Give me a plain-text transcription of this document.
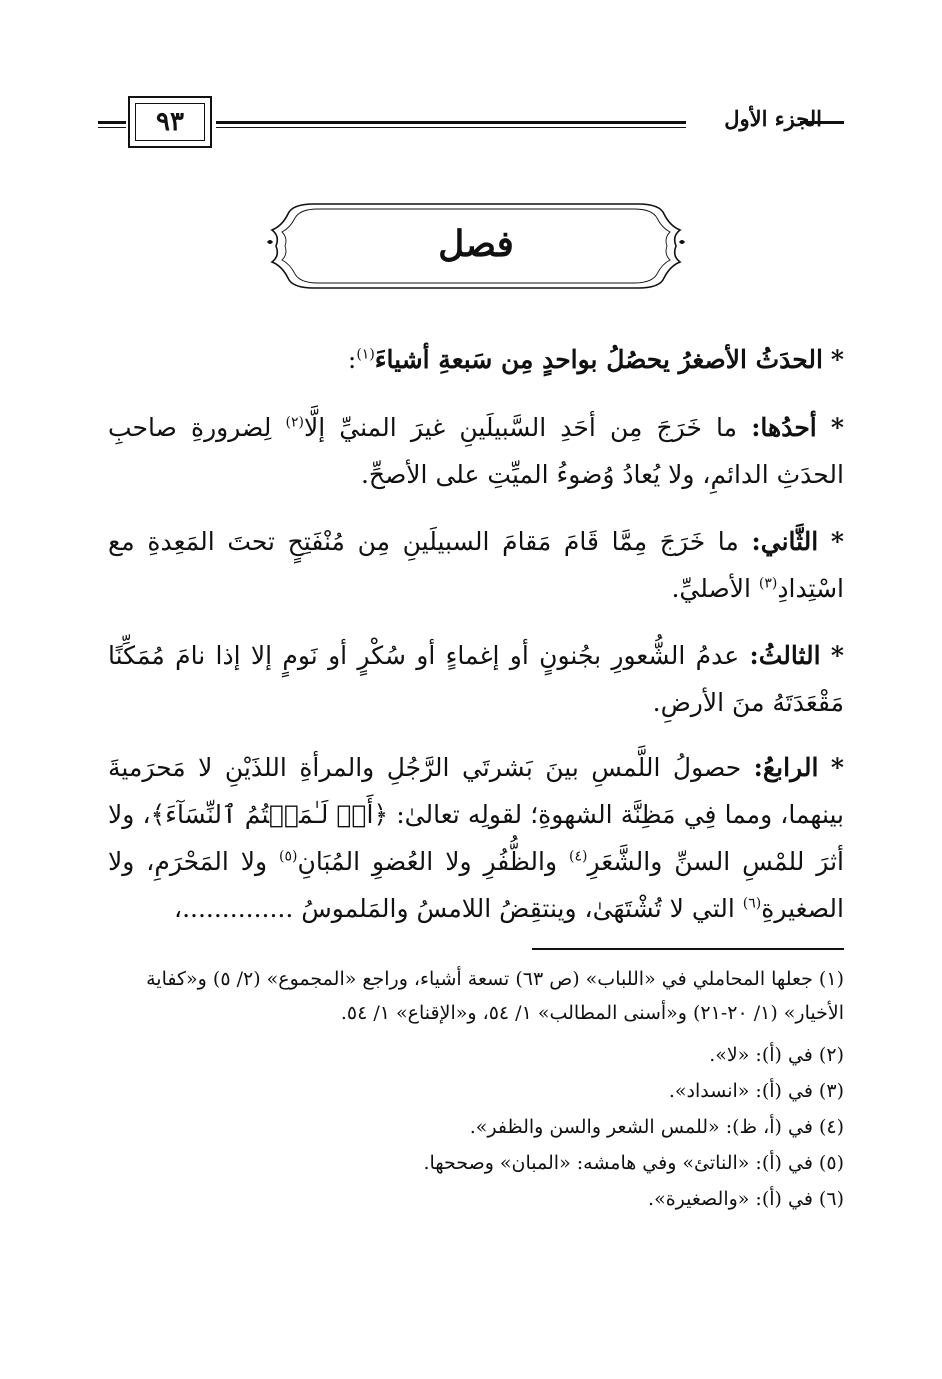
الجزء الأول
٩٣
فصل
* الحدَثُ الأصغرُ يحصُلُ بواحدٍ مِن سَبعةِ أشياءَ$^{(١)}$:
* أحدُها: ما خَرَجَ مِن أحَدِ السَّبيلَينِ غيرَ المنيِّ إلَّا$^{(٢)}$ لِضرورةِ صاحبِ الحدَثِ الدائمِ، ولا يُعادُ وُضوءُ الميِّتِ على الأصحِّ.
* الثَّاني: ما خَرَجَ مِمَّا قَامَ مَقامَ السبيلَينِ مِن مُنْفَتِحٍ تحتَ المَعِدةِ مع اسْتِدادِ$^{(٣)}$ الأصليِّ.
* الثالثُ: عدمُ الشُّعورِ بجُنونٍ أو إغماءٍ أو سُكْرٍ أو نَومٍ إلا إذا نامَ مُمَكِّنًا مَقْعَدَتَهُ منَ الأرضِ.
* الرابعُ: حصولُ اللَّمسِ بينَ بَشرتَي الرَّجُلِ والمرأةِ اللذَيْنِ لا مَحرَميةَ بينهما، ومما فِي مَظِنَّة الشهوةِ؛ لقولِه تعالىٰ: ﴿أَوۡ لَـٰمَسۡتُمُ ٱلنِّسَآءَ﴾، ولا أثرَ للمْسِ السنِّ والشَّعَرِ$^{(٤)}$ والظُّفُرِ ولا العُضوِ المُبَانِ$^{(٥)}$ ولا المَحْرَمِ، ولا الصغيرةِ$^{(٦)}$ التي لا تُشْتَهَىٰ، وينتقِضُ اللامسُ والمَلموسُ ..............،
(١) جعلها المحاملي في «اللباب» (ص ٦٣) تسعة أشياء، وراجع «المجموع» (٢/ ٥) و«كفاية الأخيار» (١/ ٢٠-٢١) و«أسنى المطالب» ١/ ٥٤، و«الإقناع» ١/ ٥٤.
(٢) في (أ): «لا».
(٣) في (أ): «انسداد».
(٤) في (أ، ظ): «للمس الشعر والسن والظفر».
(٥) في (أ): «الناتئ» وفي هامشه: «المبان» وصححها.
(٦) في (أ): «والصغيرة».
